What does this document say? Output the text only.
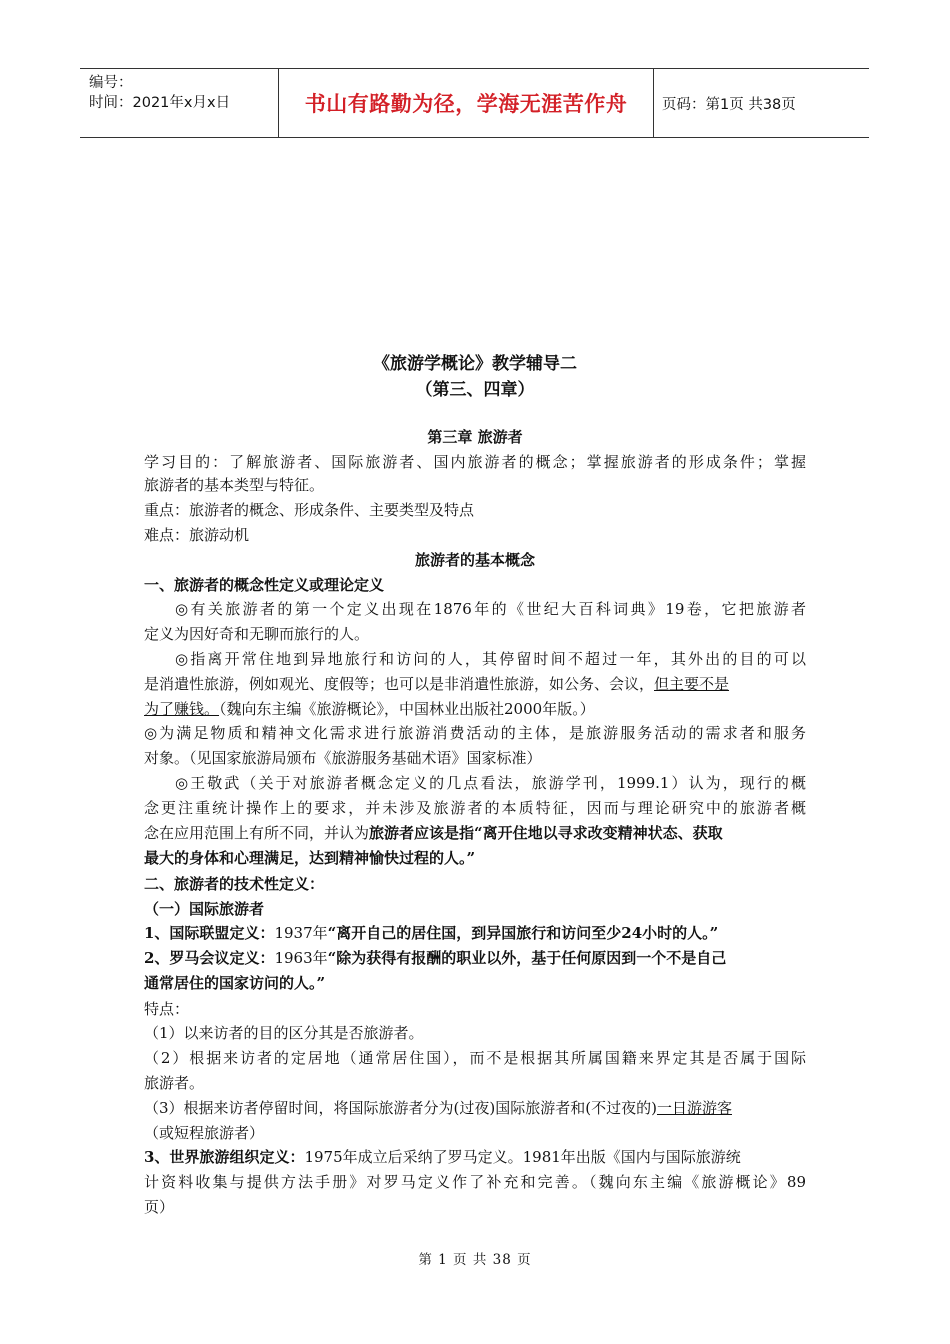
编号：
时间：2021年x月x日	书山有路勤为径，学海无涯苦作舟	页码：第1页 共38页
《旅游学概论》教学辅导二
（第三、四章）
第三章 旅游者
学习目的：了解旅游者、国际旅游者、国内旅游者的概念；掌握旅游者的形成条件；掌握
旅游者的基本类型与特征。
重点：旅游者的概念、形成条件、主要类型及特点
难点：旅游动机
旅游者的基本概念
一、旅游者的概念性定义或理论定义
◎有关旅游者的第一个定义出现在1876年的《世纪大百科词典》19卷，它把旅游者
定义为因好奇和无聊而旅行的人。
◎指离开常住地到异地旅行和访问的人，其停留时间不超过一年，其外出的目的可以
是消遣性旅游，例如观光、度假等；也可以是非消遣性旅游，如公务、会议，但主要不是
为了赚钱。（魏向东主编《旅游概论》，中国林业出版社2000年版。）
◎为满足物质和精神文化需求进行旅游消费活动的主体，是旅游服务活动的需求者和服务
对象。（见国家旅游局颁布《旅游服务基础术语》国家标准）
◎王敬武（关于对旅游者概念定义的几点看法，旅游学刊，1999.1）认为，现行的概
念更注重统计操作上的要求，并未涉及旅游者的本质特征，因而与理论研究中的旅游者概
念在应用范围上有所不同，并认为旅游者应该是指“离开住地以寻求改变精神状态、获取
最大的身体和心理满足，达到精神愉快过程的人。”
二、旅游者的技术性定义：
（一）国际旅游者
1、国际联盟定义：1937年“离开自己的居住国，到异国旅行和访问至少24小时的人。”
2、罗马会议定义：1963年“除为获得有报酬的职业以外，基于任何原因到一个不是自己
通常居住的国家访问的人。”
特点：
（1）以来访者的目的区分其是否旅游者。
（2）根据来访者的定居地（通常居住国），而不是根据其所属国籍来界定其是否属于国际
旅游者。
（3）根据来访者停留时间，将国际旅游者分为(过夜)国际旅游者和(不过夜的)一日游游客
（或短程旅游者）
3、世界旅游组织定义：1975年成立后采纳了罗马定义。1981年出版《国内与国际旅游统
计资料收集与提供方法手册》对罗马定义作了补充和完善。（魏向东主编《旅游概论》89
页）
第 1 页 共 38 页
